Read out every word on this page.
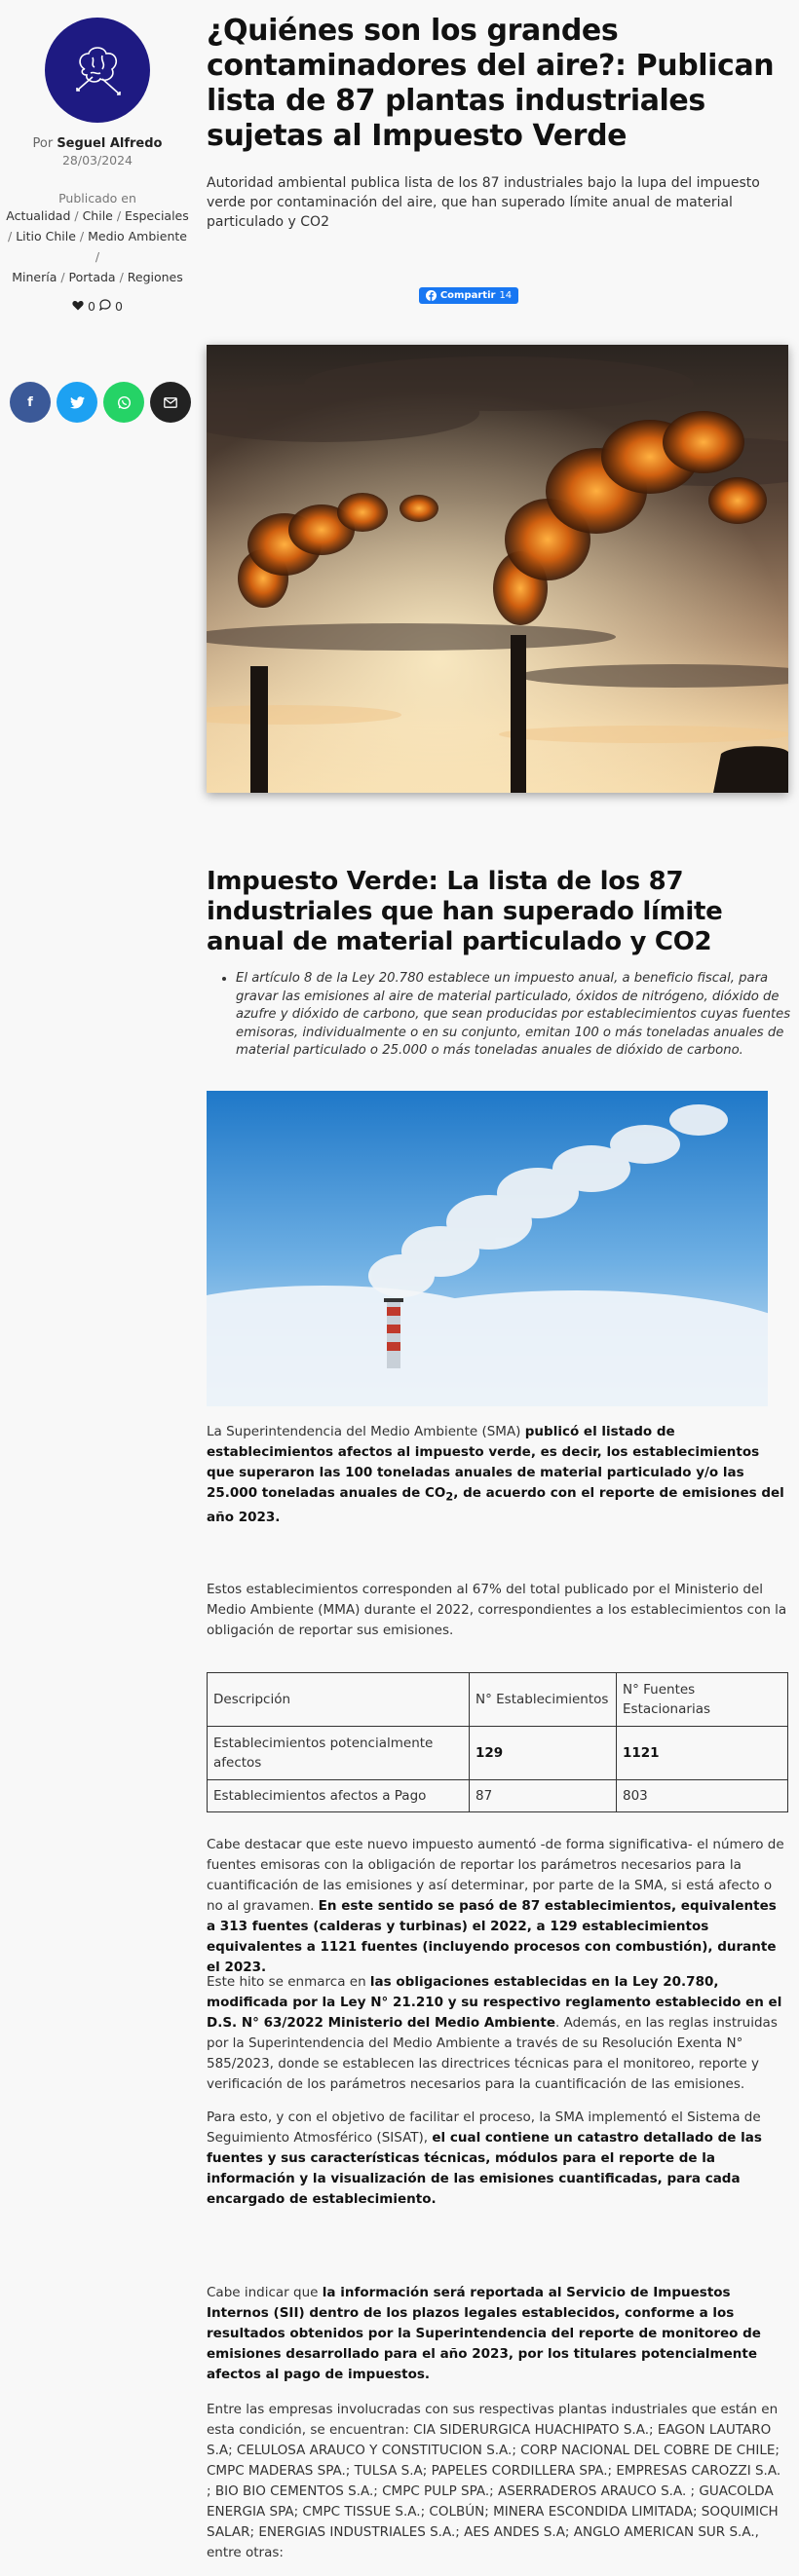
Por Seguel Alfredo
28/03/2024
Publicado en
Actualidad / Chile / Especiales
/ Litio Chile / Medio Ambiente /
Minería / Portada / Regiones
0 0
f
¿Quiénes son los grandes contaminadores del aire?: Publican lista de 87 plantas industriales sujetas al Impuesto Verde
Autoridad ambiental publica lista de los 87 industriales bajo la lupa del impuesto verde por contaminación del aire, que han superado límite anual de material particulado y CO2
Compartir 14
Impuesto Verde: La lista de los 87 industriales que han superado límite anual de material particulado y CO2
• El artículo 8 de la Ley 20.780 establece un impuesto anual, a beneficio fiscal, para gravar las emisiones al aire de material particulado, óxidos de nitrógeno, dióxido de azufre y dióxido de carbono, que sean producidas por establecimientos cuyas fuentes emisoras, individualmente o en su conjunto, emitan 100 o más toneladas anuales de material particulado o 25.000 o más toneladas anuales de dióxido de carbono.

La Superintendencia del Medio Ambiente (SMA) publicó el listado de establecimientos afectos al impuesto verde, es decir, los establecimientos que superaron las 100 toneladas anuales de material particulado y/o las 25.000 toneladas anuales de $CO_2$, de acuerdo con el reporte de emisiones del año 2023.

Estos establecimientos corresponden al 67% del total publicado por el Ministerio del Medio Ambiente (MMA) durante el 2022, correspondientes a los establecimientos con la obligación de reportar sus emisiones.

Descripción	N° Establecimientos	N° Fuentes Estacionarias
Establecimientos potencialmente afectos	129	1121
Establecimientos afectos a Pago	87	803

Cabe destacar que este nuevo impuesto aumentó -de forma significativa- el número de fuentes emisoras con la obligación de reportar los parámetros necesarios para la cuantificación de las emisiones y así determinar, por parte de la SMA, si está afecto o no al gravamen. En este sentido se pasó de 87 establecimientos, equivalentes a 313 fuentes (calderas y turbinas) el 2022, a 129 establecimientos equivalentes a 1121 fuentes (incluyendo procesos con combustión), durante el 2023.

Este hito se enmarca en las obligaciones establecidas en la Ley 20.780, modificada por la Ley N° 21.210 y su respectivo reglamento establecido en el D.S. N° 63/2022 Ministerio del Medio Ambiente. Además, en las reglas instruidas por la Superintendencia del Medio Ambiente a través de su Resolución Exenta N° 585/2023, donde se establecen las directrices técnicas para el monitoreo, reporte y verificación de los parámetros necesarios para la cuantificación de las emisiones.

Para esto, y con el objetivo de facilitar el proceso, la SMA implementó el Sistema de Seguimiento Atmosférico (SISAT), el cual contiene un catastro detallado de las fuentes y sus características técnicas, módulos para el reporte de la información y la visualización de las emisiones cuantificadas, para cada encargado de establecimiento.

Cabe indicar que la información será reportada al Servicio de Impuestos Internos (SII) dentro de los plazos legales establecidos, conforme a los resultados obtenidos por la Superintendencia del reporte de monitoreo de emisiones desarrollado para el año 2023, por los titulares potencialmente afectos al pago de impuestos.

Entre las empresas involucradas con sus respectivas plantas industriales que están en esta condición, se encuentran: CIA SIDERURGICA HUACHIPATO S.A.; EAGON LAUTARO S.A; CELULOSA ARAUCO Y CONSTITUCION S.A.; CORP NACIONAL DEL COBRE DE CHILE; CMPC MADERAS SPA.; TULSA S.A; PAPELES CORDILLERA SPA.; EMPRESAS CAROZZI S.A. ; BIO BIO CEMENTOS S.A.; CMPC PULP SPA.; ASERRADEROS ARAUCO S.A. ; GUACOLDA ENERGIA SPA; CMPC TISSUE S.A.; COLBÚN; MINERA ESCONDIDA LIMITADA; SOQUIMICH SALAR; ENERGIAS INDUSTRIALES S.A.; AES ANDES S.A; ANGLO AMERICAN SUR S.A., entre otras:
